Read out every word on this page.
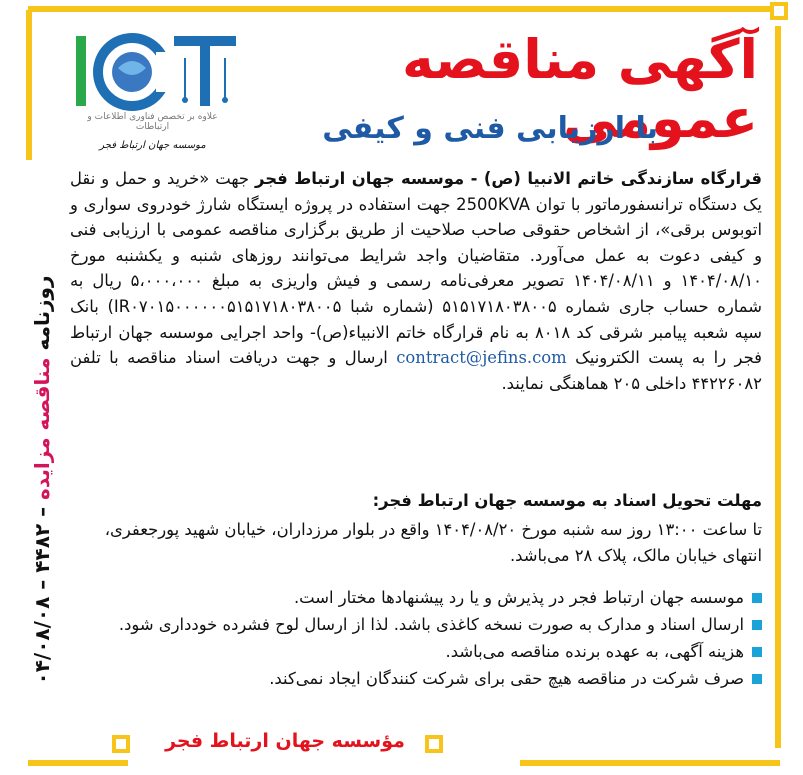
روزنامه مناقصه مزايده – ۴۴۸۲ – ۰۴/۰۸/۰۸
علاوه بر تخصص فناوری اطلاعات و ارتباطات
موسسه جهان ارتباط فجر
آگهی مناقصه عمومی
با ارزیابی فنی و کیفی
قرارگاه سازندگی خاتم الانبیا (ص) - موسسه جهان ارتباط فجر جهت «خرید و حمل و نقل یک دستگاه ترانسفورماتور با توان 2500KVA جهت استفاده در پروژه ایستگاه شارژ خودروی سواری و اتوبوس برقی»، از اشخاص حقوقی صاحب صلاحیت از طریق برگزاری مناقصه عمومی با ارزیابی فنی و کیفی دعوت به عمل می‌آورد. متقاضیان واجد شرایط می‌توانند روزهای شنبه و یکشنبه مورخ ۱۴۰۴/۰۸/۱۰ و ۱۴۰۴/۰۸/۱۱ تصویر معرفی‌نامه رسمی و فیش واریزی به مبلغ ۵،۰۰۰،۰۰۰ ریال به شماره حساب جاری شماره ۵۱۵۱۷۱۸۰۳۸۰۰۵ (شماره شبا IR۰۷۰۱۵۰۰۰۰۰۰۵۱۵۱۷۱۸۰۳۸۰۰۵) بانک سپه شعبه پیامبر شرقی کد ۸۰۱۸ به نام قرارگاه خاتم الانبیاء(ص)- واحد اجرایی موسسه جهان ارتباط فجر را به پست الکترونیک contract@jefins.com ارسال و جهت دریافت اسناد مناقصه با تلفن ۴۴۲۲۶۰۸۲ داخلی ۲۰۵ هماهنگی نمایند.
مهلت تحویل اسناد به موسسه جهان ارتباط فجر:
تا ساعت ۱۳:۰۰ روز سه شنبه مورخ ۱۴۰۴/۰۸/۲۰ واقع در بلوار مرزداران، خیابان شهید پورجعفری، انتهای خیابان مالک، پلاک ۲۸ می‌باشد.
موسسه جهان ارتباط فجر در پذیرش و یا رد پیشنهادها مختار است.
ارسال اسناد و مدارک به صورت نسخه کاغذی باشد. لذا از ارسال لوح فشرده خودداری شود.
هزینه آگهی، به عهده برنده مناقصه می‌باشد.
صرف شرکت در مناقصه هیچ حقی برای شرکت کنندگان ایجاد نمی‌کند.
مؤسسه جهان ارتباط فجر
